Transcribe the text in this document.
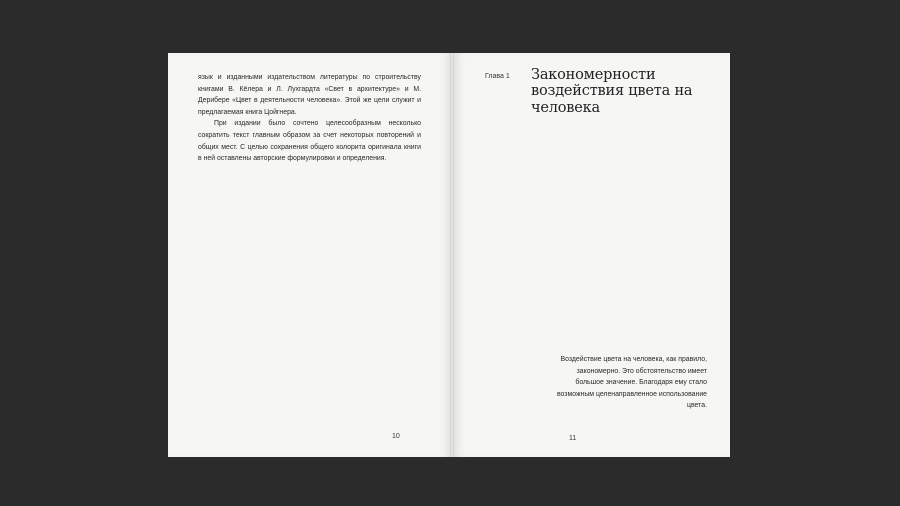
язык и изданными издательством литературы по строительству книгами В. Кёлера и Л. Лухгардта «Свет в архитектуре» и М. Дерибере «Цвет в деятельности человека». Этой же цели служит и предлагаемая книга Цойгнера.

При издании было сочтено целесообразным несколько сократить текст главным образом за счет некоторых повторений и общих мест. С целью сохранения общего колорита оригинала книги в ней оставлены авторские формулировки и определения.

10
Глава 1 Закономерности воздействия цвета на человека
Воздействие цвета на человека, как правило, закономерно. Это обстоятельство имеет большое значение. Благодаря ему стало возможным целенаправленное использование цвета.
11
